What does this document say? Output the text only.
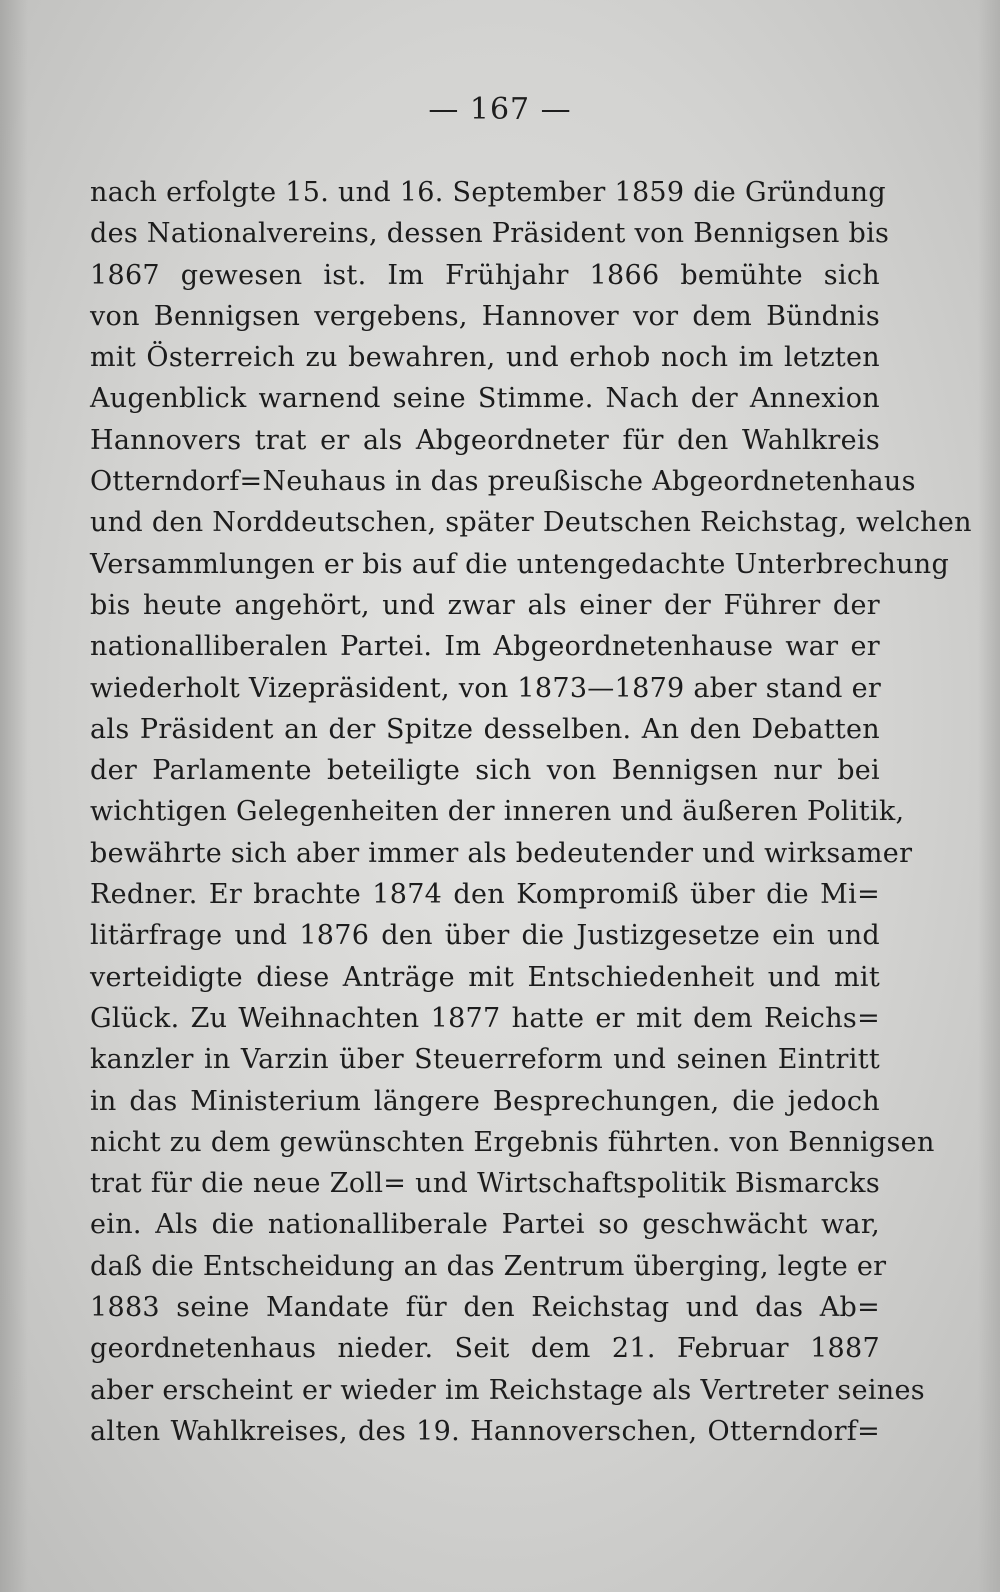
— 167 —
nach erfolgte 15. und 16. September 1859 die Gründung
des Nationalvereins, dessen Präsident von Bennigsen bis
1867 gewesen ist. Im Frühjahr 1866 bemühte sich
von Bennigsen vergebens, Hannover vor dem Bündnis
mit Österreich zu bewahren, und erhob noch im letzten
Augenblick warnend seine Stimme. Nach der Annexion
Hannovers trat er als Abgeordneter für den Wahlkreis
Otterndorf=Neuhaus in das preußische Abgeordnetenhaus
und den Norddeutschen, später Deutschen Reichstag, welchen
Versammlungen er bis auf die untengedachte Unterbrechung
bis heute angehört, und zwar als einer der Führer der
nationalliberalen Partei. Im Abgeordnetenhause war er
wiederholt Vizepräsident, von 1873—1879 aber stand er
als Präsident an der Spitze desselben. An den Debatten
der Parlamente beteiligte sich von Bennigsen nur bei
wichtigen Gelegenheiten der inneren und äußeren Politik,
bewährte sich aber immer als bedeutender und wirksamer
Redner. Er brachte 1874 den Kompromiß über die Mi=
litärfrage und 1876 den über die Justizgesetze ein und
verteidigte diese Anträge mit Entschiedenheit und mit
Glück. Zu Weihnachten 1877 hatte er mit dem Reichs=
kanzler in Varzin über Steuerreform und seinen Eintritt
in das Ministerium längere Besprechungen, die jedoch
nicht zu dem gewünschten Ergebnis führten. von Bennigsen
trat für die neue Zoll= und Wirtschaftspolitik Bismarcks
ein. Als die nationalliberale Partei so geschwächt war,
daß die Entscheidung an das Zentrum überging, legte er
1883 seine Mandate für den Reichstag und das Ab=
geordnetenhaus nieder. Seit dem 21. Februar 1887
aber erscheint er wieder im Reichstage als Vertreter seines
alten Wahlkreises, des 19. Hannoverschen, Otterndorf=
